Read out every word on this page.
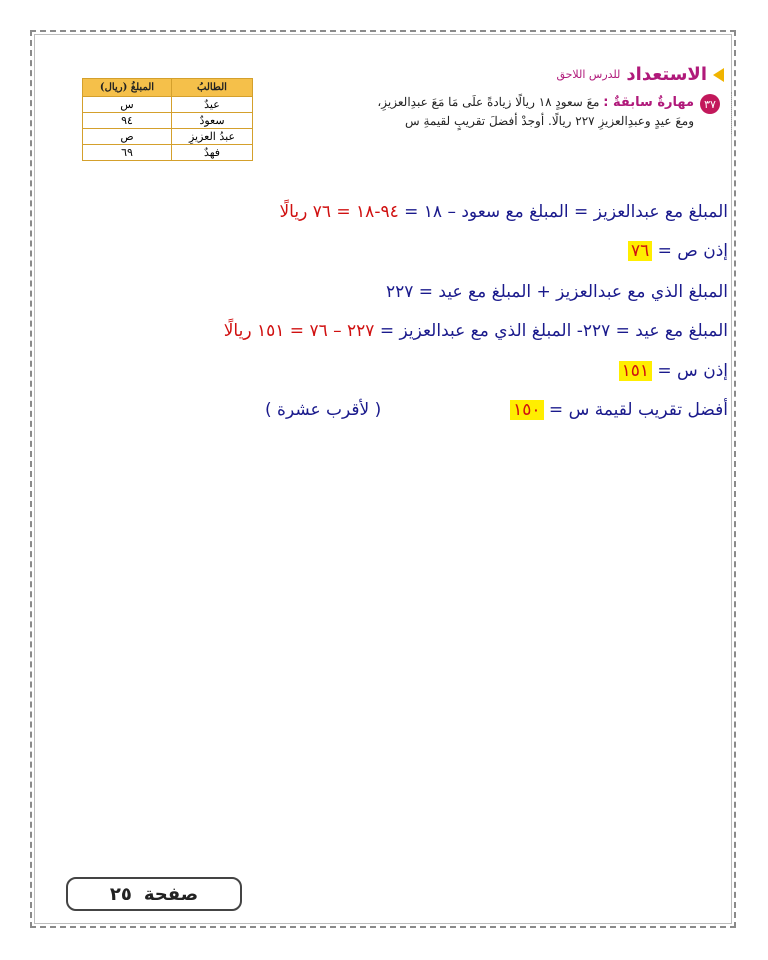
الاستعداد
للدرس اللاحق
٣٧
مهارةٌ سابقةٌ : معَ سعودٍ ١٨ ريالًا زيادةً علَى مَا مَعَ عبدِالعزيزِ،
ومعَ عيدٍ وعبدِالعزيزِ ٢٢٧ ريالًا. أوجدْ أفضلَ تقريبٍ لقيمةِ س
الطالبُ	المبلغُ (ريال)
عيدٌ	س
سعودٌ	٩٤
عبدُ العزيزِ	ص
فهدٌ	٦٩
المبلغ مع عبدالعزيز = المبلغ مع سعود – ١٨ = ٩٤-١٨ = ٧٦ ريالًا
إذن ص = ٧٦
المبلغ الذي مع عبدالعزيز + المبلغ مع عيد = ٢٢٧
المبلغ مع عيد = ٢٢٧- المبلغ الذي مع عبدالعزيز = ٢٢٧ – ٧٦ = ١٥١ ريالًا
إذن س = ١٥١
أفضل تقريب لقيمة س = ١٥٠  ( لأقرب عشرة )
صفحة
٢٥
